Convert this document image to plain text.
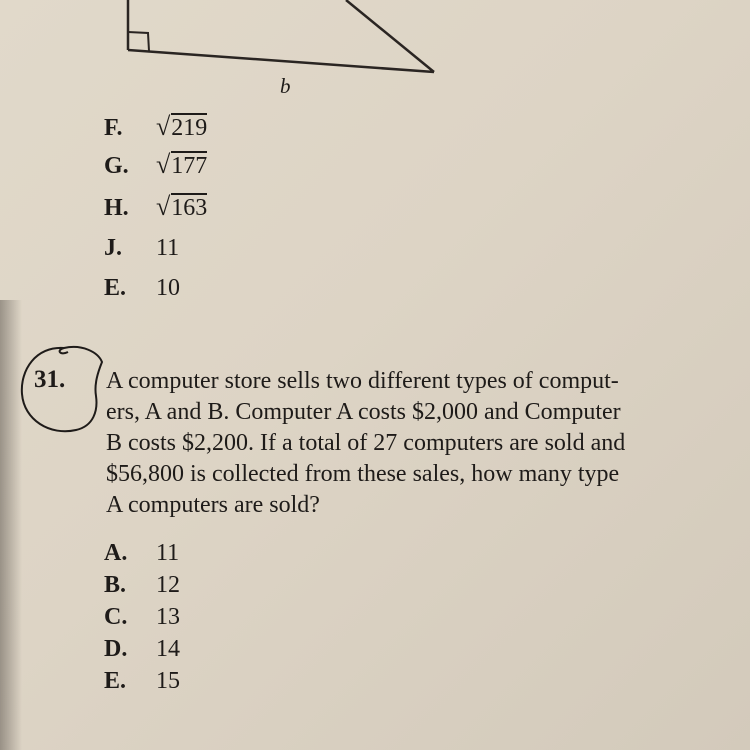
b
F. √219
G. √177
H. √163
J. 11
E. 10
31. A computer store sells two different types of comput-
ers, A and B. Computer A costs $2,000 and Computer
B costs $2,200. If a total of 27 computers are sold and
$56,800 is collected from these sales, how many type
A computers are sold?
A. 11
B. 12
C. 13
D. 14
E. 15
